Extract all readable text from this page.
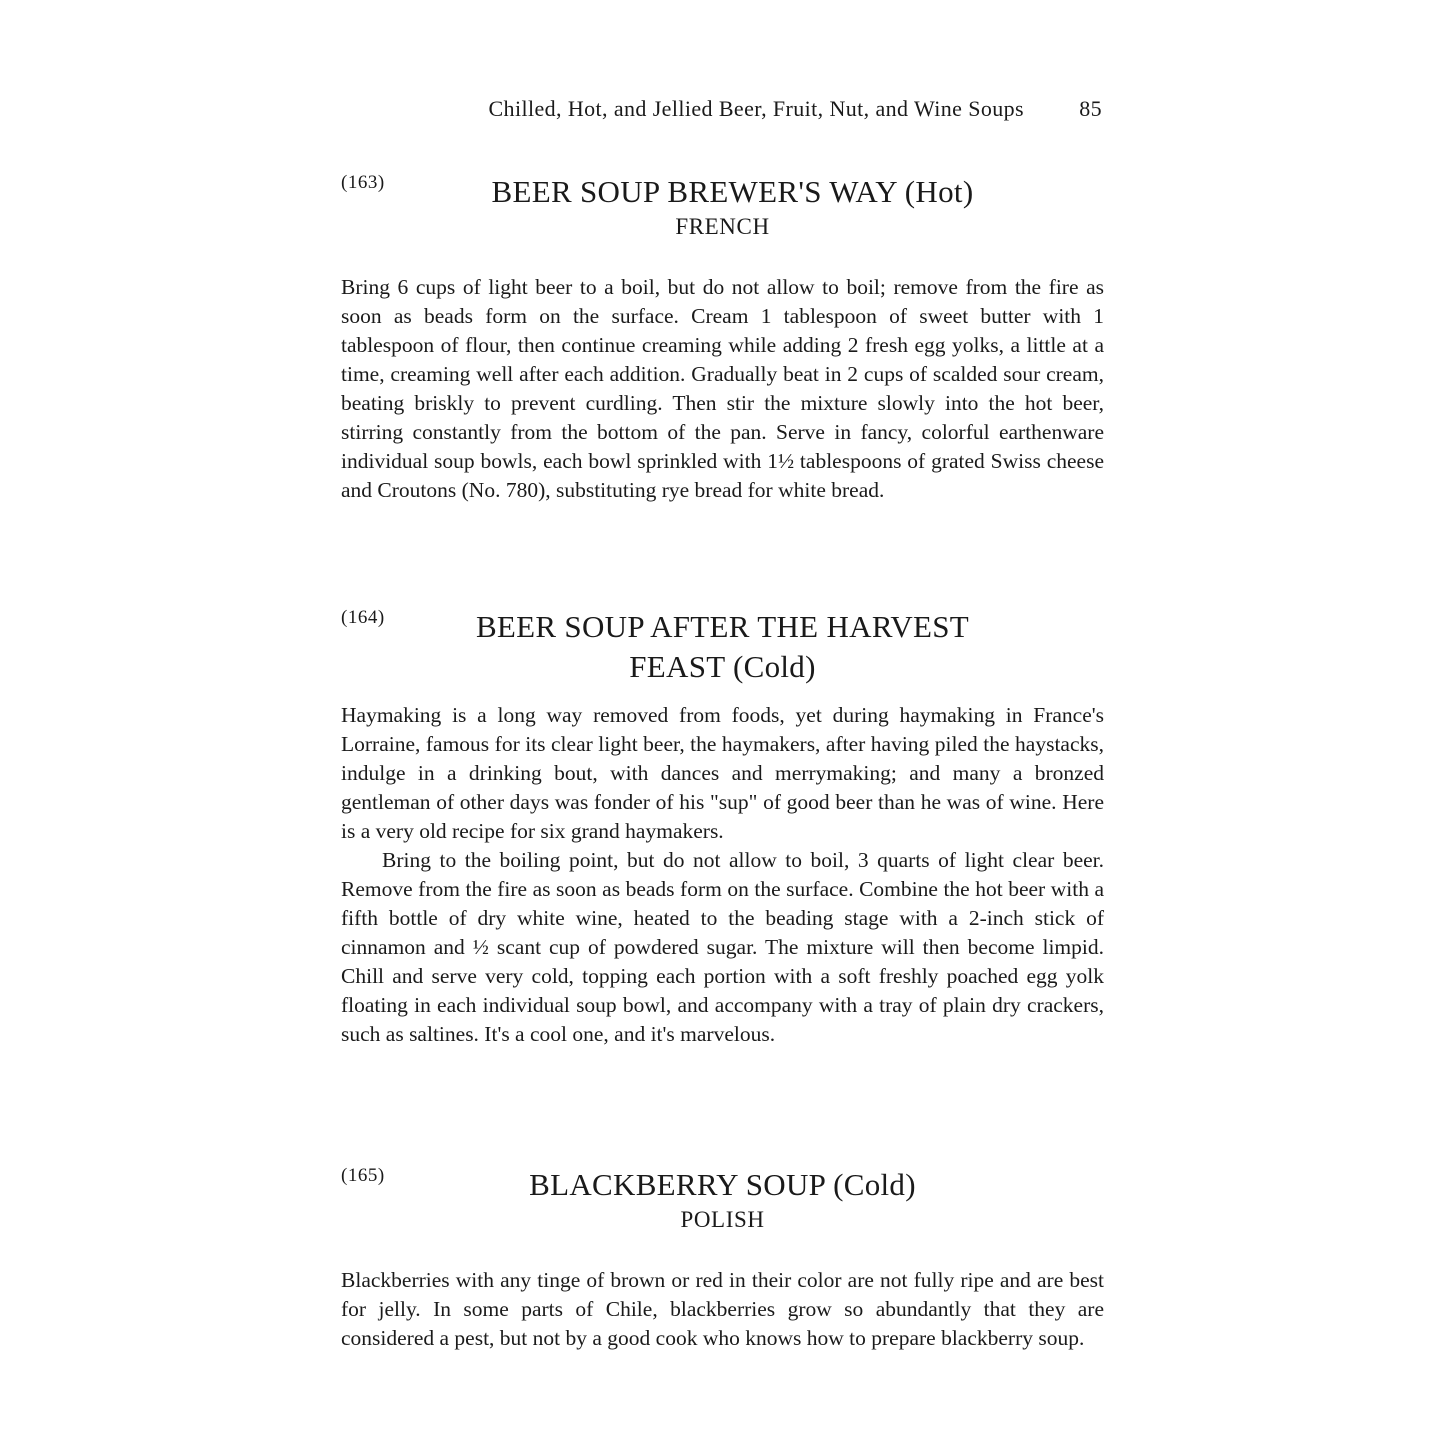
Chilled, Hot, and Jellied Beer, Fruit, Nut, and Wine Soups	85
(163)	BEER SOUP BREWER'S WAY (Hot)

FRENCH

Bring 6 cups of light beer to a boil, but do not allow to boil; remove from the fire as soon as beads form on the surface. Cream 1 tablespoon of sweet butter with 1 tablespoon of flour, then continue creaming while adding 2 fresh egg yolks, a little at a time, creaming well after each addition. Gradually beat in 2 cups of scalded sour cream, beating briskly to prevent curdling. Then stir the mixture slowly into the hot beer, stirring constantly from the bottom of the pan. Serve in fancy, colorful earthenware individual soup bowls, each bowl sprinkled with 1½ tablespoons of grated Swiss cheese and Croutons (No. 780), substituting rye bread for white bread.

(164)	BEER SOUP AFTER THE HARVEST
FEAST (Cold)

Haymaking is a long way removed from foods, yet during haymaking in France's Lorraine, famous for its clear light beer, the haymakers, after having piled the haystacks, indulge in a drinking bout, with dances and merrymaking; and many a bronzed gentleman of other days was fonder of his "sup" of good beer than he was of wine. Here is a very old recipe for six grand haymakers.

Bring to the boiling point, but do not allow to boil, 3 quarts of light clear beer. Remove from the fire as soon as beads form on the surface. Combine the hot beer with a fifth bottle of dry white wine, heated to the beading stage with a 2-inch stick of cinnamon and ½ scant cup of powdered sugar. The mixture will then become limpid. Chill and serve very cold, topping each portion with a soft freshly poached egg yolk floating in each individual soup bowl, and accompany with a tray of plain dry crackers, such as saltines. It's a cool one, and it's marvelous.

(165)	BLACKBERRY SOUP (Cold)

POLISH

Blackberries with any tinge of brown or red in their color are not fully ripe and are best for jelly. In some parts of Chile, blackberries grow so abundantly that they are considered a pest, but not by a good cook who knows how to prepare blackberry soup.
